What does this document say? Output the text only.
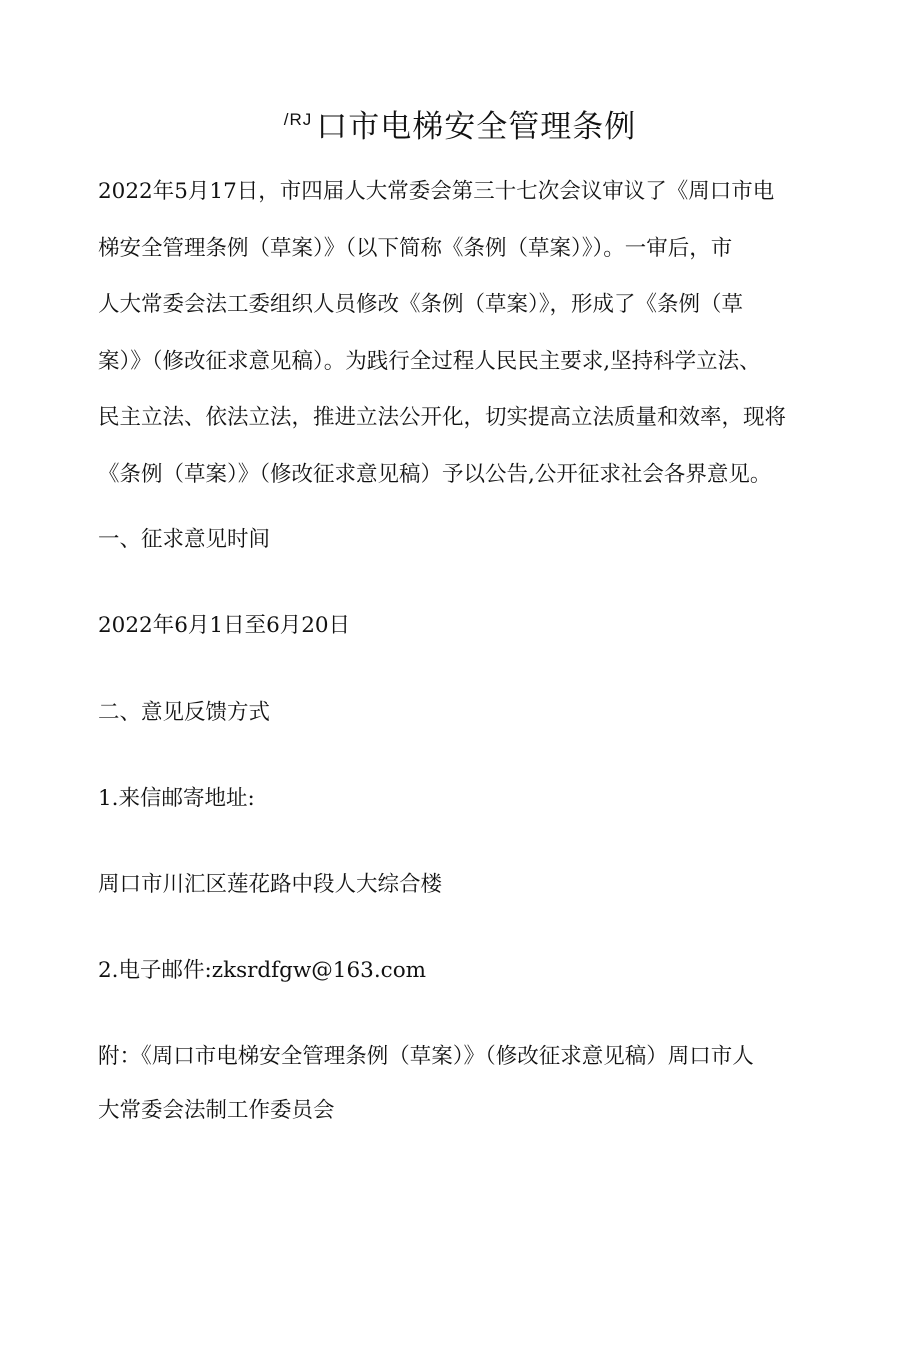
$^{/RJ}$ 口市电梯安全管理条例
2022年5月17日，市四届人大常委会第三十七次会议审议了《周口市电
梯安全管理条例（草案）》（以下简称《条例（草案）》）。一审后，市
人大常委会法工委组织人员修改《条例（草案）》，形成了《条例（草
案）》（修改征求意见稿）。为践行全过程人民民主要求,坚持科学立法、
民主立法、依法立法，推进立法公开化，切实提高立法质量和效率，现将
《条例（草案）》（修改征求意见稿）予以公告,公开征求社会各界意见。
一、征求意见时间
2022年6月1日至6月20日
二、意见反馈方式
1.来信邮寄地址:
周口市川汇区莲花路中段人大综合楼
2.电子邮件:zksrdfgw@163.com
附：《周口市电梯安全管理条例（草案）》（修改征求意见稿）周口市人
大常委会法制工作委员会
